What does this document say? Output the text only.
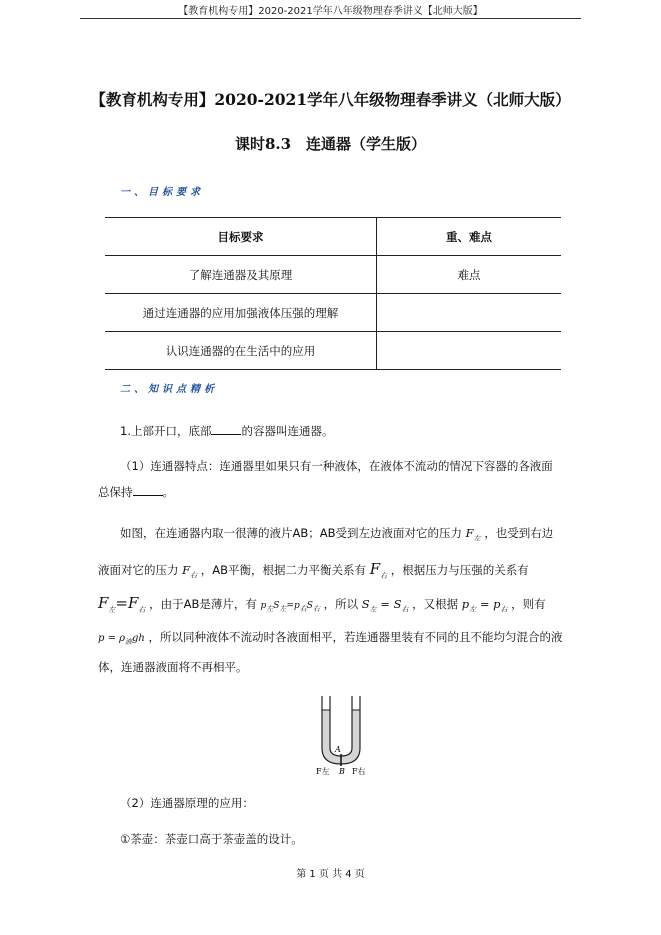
【教育机构专用】2020-2021学年八年级物理春季讲义【北师大版】
【教育机构专用】2020-2021学年八年级物理春季讲义（北师大版）
课时8.3　连通器（学生版）
一、目标要求
目标要求	重、难点
了解连通器及其原理	难点
通过连通器的应用加强液体压强的理解	
认识连通器的在生活中的应用	
二、知识点精析
1.上部开口，底部	的容器叫连通器。
（1）连通器特点：连通器里如果只有一种液体，在液体不流动的情况下容器的各液面
总保持	。
如图，在连通器内取一很薄的液片AB；AB受到左边液面对它的压力 $F_左$ ，也受到右边
液面对它的压力 $F_右$ ，AB平衡，根据二力平衡关系有 $F_右$ ，根据压力与压强的关系有
$F_左=F_右$ ，由于AB是薄片，有 $p_左S_左=p_右S_右$ ，所以 $S_左 = S_右$ ，又根据 $p_左 = p_右$ ，则有
$p = \rho_液gh$ ，所以同种液体不流动时各液面相平，若连通器里装有不同的且不能均匀混合的液
体，连通器液面将不再相平。
A
B
F左	F右
（2）连通器原理的应用：
①茶壶：茶壶口高于茶壶盖的设计。
第 1 页 共 4 页
